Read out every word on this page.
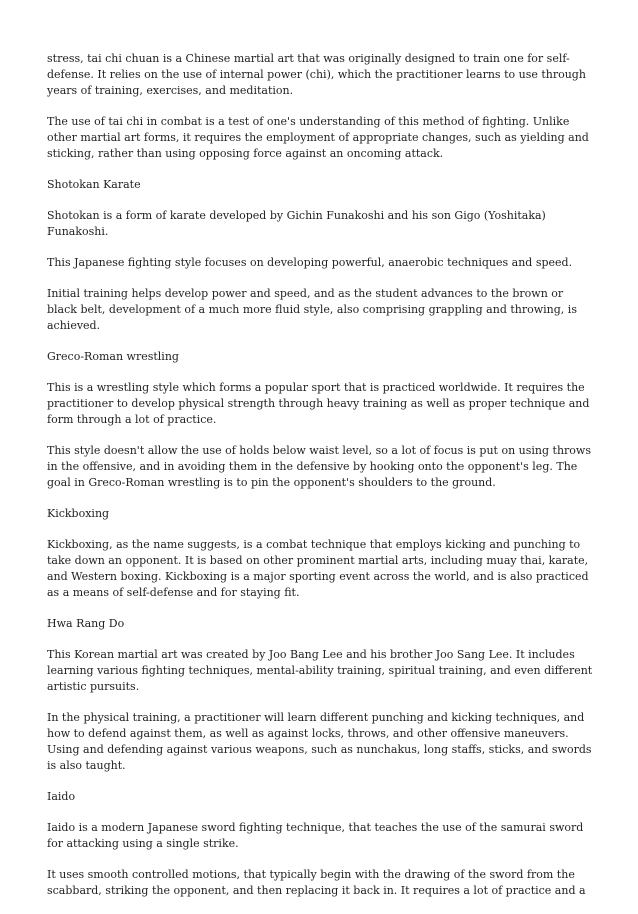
stress, tai chi chuan is a Chinese martial art that was originally designed to train one for self-defense. It relies on the use of internal power (chi), which the practitioner learns to use through years of training, exercises, and meditation.

The use of tai chi in combat is a test of one's understanding of this method of fighting. Unlike other martial art forms, it requires the employment of appropriate changes, such as yielding and sticking, rather than using opposing force against an oncoming attack.

Shotokan Karate

Shotokan is a form of karate developed by Gichin Funakoshi and his son Gigo (Yoshitaka) Funakoshi.

This Japanese fighting style focuses on developing powerful, anaerobic techniques and speed.

Initial training helps develop power and speed, and as the student advances to the brown or black belt, development of a much more fluid style, also comprising grappling and throwing, is achieved.

Greco-Roman wrestling

This is a wrestling style which forms a popular sport that is practiced worldwide. It requires the practitioner to develop physical strength through heavy training as well as proper technique and form through a lot of practice.

This style doesn't allow the use of holds below waist level, so a lot of focus is put on using throws in the offensive, and in avoiding them in the defensive by hooking onto the opponent's leg. The goal in Greco-Roman wrestling is to pin the opponent's shoulders to the ground.

Kickboxing

Kickboxing, as the name suggests, is a combat technique that employs kicking and punching to take down an opponent. It is based on other prominent martial arts, including muay thai, karate, and Western boxing. Kickboxing is a major sporting event across the world, and is also practiced as a means of self-defense and for staying fit.

Hwa Rang Do

This Korean martial art was created by Joo Bang Lee and his brother Joo Sang Lee. It includes learning various fighting techniques, mental-ability training, spiritual training, and even different artistic pursuits.

In the physical training, a practitioner will learn different punching and kicking techniques, and how to defend against them, as well as against locks, throws, and other offensive maneuvers. Using and defending against various weapons, such as nunchakus, long staffs, sticks, and swords is also taught.

Iaido

Iaido is a modern Japanese sword fighting technique, that teaches the use of the samurai sword for attacking using a single strike.

It uses smooth controlled motions, that typically begin with the drawing of the sword from the scabbard, striking the opponent, and then replacing it back in. It requires a lot of practice and a
